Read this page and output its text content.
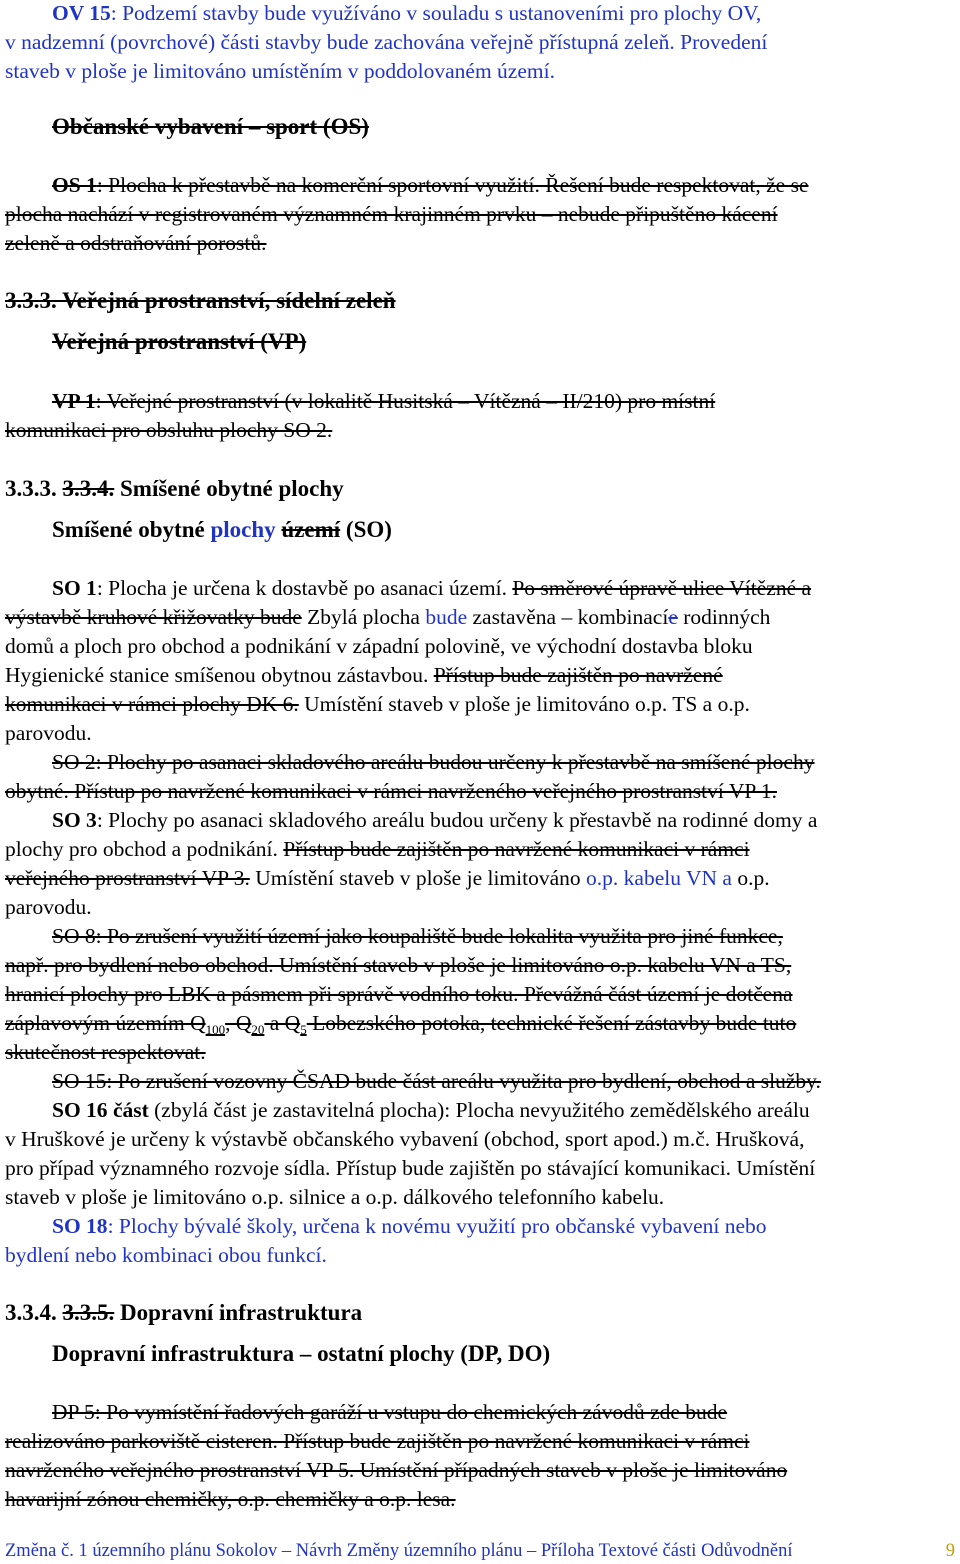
OV 15: Podzemí stavby bude využíváno v souladu s ustanoveními pro plochy OV,
v nadzemní (povrchové) části stavby bude zachována veřejně přístupná zeleň. Provedení
staveb v ploše je limitováno umístěním v poddolovaném území.
Občanské vybavení – sport (OS)
OS 1: Plocha k přestavbě na komerční sportovní využití. Řešení bude respektovat, že se
plocha nachází v registrovaném významném krajinném prvku – nebude připuštěno kácení
zeleně a odstraňování porostů.
3.3.3. Veřejná prostranství, sídelní zeleň
Veřejná prostranství (VP)
VP 1: Veřejné prostranství (v lokalitě Husitská – Vítězná – II/210) pro místní
komunikaci pro obsluhu plochy SO 2.
3.3.3. 3.3.4. Smíšené obytné plochy
Smíšené obytné plochy území (SO)
SO 1: Plocha je určena k dostavbě po asanaci území. Po směrové úpravě ulice Vítězné a
výstavbě kruhové křižovatky bude Zbylá plocha bude zastavěna – kombinacíe rodinných
domů a ploch pro obchod a podnikání v západní polovině, ve východní dostavba bloku
Hygienické stanice smíšenou obytnou zástavbou. Přístup bude zajištěn po navržené
komunikaci v rámci plochy DK 6. Umístění staveb v ploše je limitováno o.p. TS a o.p.
parovodu.
SO 2: Plochy po asanaci skladového areálu budou určeny k přestavbě na smíšené plochy
obytné. Přístup po navržené komunikaci v rámci navrženého veřejného prostranství VP 1.
SO 3: Plochy po asanaci skladového areálu budou určeny k přestavbě na rodinné domy a
plochy pro obchod a podnikání. Přístup bude zajištěn po navržené komunikaci v rámci
veřejného prostranství VP 3. Umístění staveb v ploše je limitováno o.p. kabelu VN a o.p.
parovodu.
SO 8: Po zrušení využití území jako koupaliště bude lokalita využita pro jiné funkce,
např. pro bydlení nebo obchod. Umístění staveb v ploše je limitováno o.p. kabelu VN a TS,
hranicí plochy pro LBK a pásmem při správě vodního toku. Převážná část území je dotčena
záplavovým územím $Q_{100}$, $Q_{20}$ a $Q_5$ Lobezského potoka, technické řešení zástavby bude tuto
skutečnost respektovat.
SO 15: Po zrušení vozovny ČSAD bude část areálu využita pro bydlení, obchod a služby.
SO 16 část (zbylá část je zastavitelná plocha): Plocha nevyužitého zemědělského areálu
v Hruškové je určeny k výstavbě občanského vybavení (obchod, sport apod.) m.č. Hrušková,
pro případ významného rozvoje sídla. Přístup bude zajištěn po stávající komunikaci. Umístění
staveb v ploše je limitováno o.p. silnice a o.p. dálkového telefonního kabelu.
SO 18: Plochy bývalé školy, určena k novému využití pro občanské vybavení nebo
bydlení nebo kombinaci obou funkcí.
3.3.4. 3.3.5. Dopravní infrastruktura
Dopravní infrastruktura – ostatní plochy (DP, DO)
DP 5: Po vymístění řadových garáží u vstupu do chemických závodů zde bude
realizováno parkoviště cisteren. Přístup bude zajištěn po navržené komunikaci v rámci
navrženého veřejného prostranství VP 5. Umístění případných staveb v ploše je limitováno
havarijní zónou chemičky, o.p. chemičky a o.p. lesa.
Změna č. 1 územního plánu Sokolov – Návrh Změny územního plánu – Příloha Textové části Odůvodnění	9
